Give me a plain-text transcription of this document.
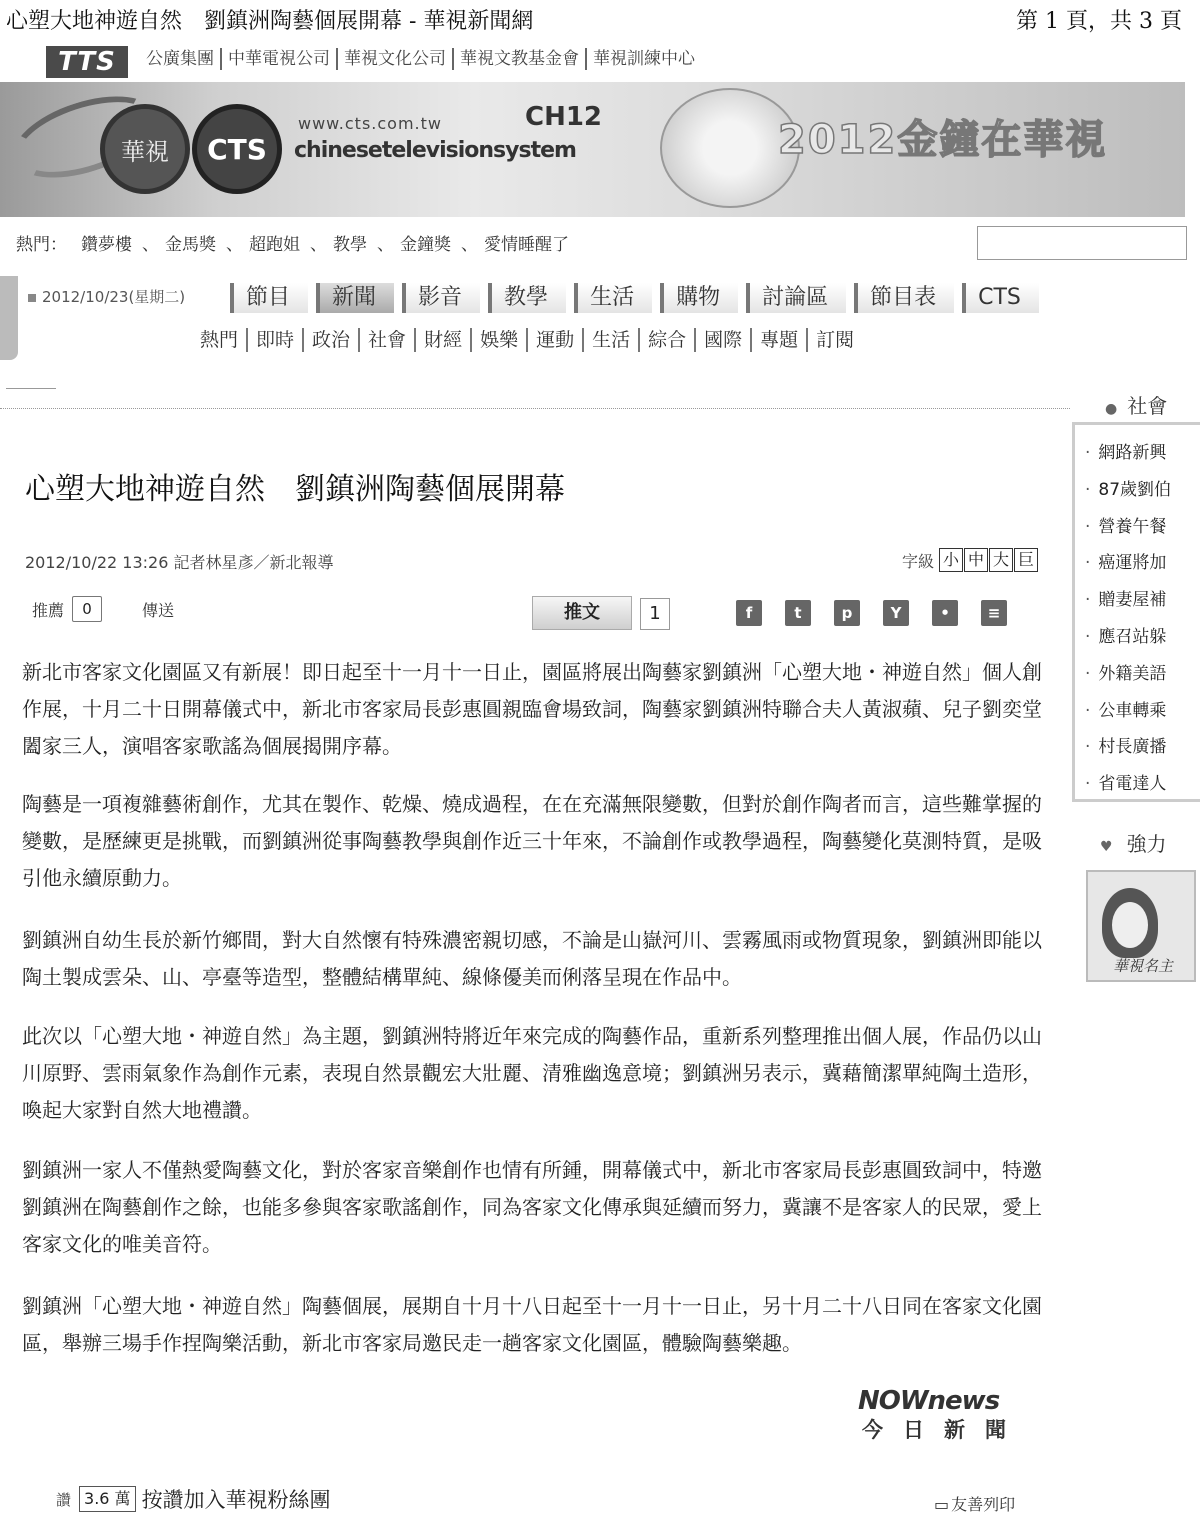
心塑大地神遊自然　劉鎮洲陶藝個展開幕 - 華視新聞網	第 1 頁，共 3 頁
TTS	公廣集團 中華電視公司 華視文化公司 華視文教基金會 華視訓練中心
華視	CTS
www.cts.com.tw
chinesetelevisionsystem
CH12	2012金鐘在華視
熱門： 鑽夢樓 、 金馬獎 、 超跑姐 、 教學 、 金鐘獎 、 愛情睡醒了
2012/10/23(星期二)	節目	新聞	影音	教學	生活	購物	討論區	節目表	CTS
熱門 即時 政治 社會 財經 娛樂 運動 生活 綜合 國際 專題 訂閱
● 社會
· 網路新興
· 87歲劉伯
· 營養午餐
· 癌運將加
· 贈妻屋補
· 應召站躲
· 外籍美語
· 公車轉乘
· 村長廣播
· 省電達人
♥ 強力
華視名主
心塑大地神遊自然　劉鎮洲陶藝個展開幕
2012/10/22 13:26 記者林星彥／新北報導	字級 小 中 大 巨
推薦	0	傳送	推文	1	f	t	p	Y	•	≡

新北市客家文化園區又有新展！即日起至十一月十一日止，園區將展出陶藝家劉鎮洲「心塑大地・神遊自然」個人創作展，十月二十日開幕儀式中，新北市客家局長彭惠圓親臨會場致詞，陶藝家劉鎮洲特聯合夫人黃淑蘋、兒子劉奕堂闔家三人，演唱客家歌謠為個展揭開序幕。

陶藝是一項複雜藝術創作，尤其在製作、乾燥、燒成過程，在在充滿無限變數，但對於創作陶者而言，這些難掌握的變數，是歷練更是挑戰，而劉鎮洲從事陶藝教學與創作近三十年來，不論創作或教學過程，陶藝變化莫測特質，是吸引他永續原動力。

劉鎮洲自幼生長於新竹鄉間，對大自然懷有特殊濃密親切感，不論是山嶽河川、雲霧風雨或物質現象，劉鎮洲即能以陶土製成雲朵、山、亭臺等造型，整體結構單純、線條優美而俐落呈現在作品中。

此次以「心塑大地・神遊自然」為主題，劉鎮洲特將近年來完成的陶藝作品，重新系列整理推出個人展，作品仍以山川原野、雲雨氣象作為創作元素，表現自然景觀宏大壯麗、清雅幽逸意境；劉鎮洲另表示，冀藉簡潔單純陶土造形，喚起大家對自然大地禮讚。

劉鎮洲一家人不僅熱愛陶藝文化，對於客家音樂創作也情有所鍾，開幕儀式中，新北市客家局長彭惠圓致詞中，特邀劉鎮洲在陶藝創作之餘，也能多參與客家歌謠創作，同為客家文化傳承與延續而努力，冀讓不是客家人的民眾，愛上客家文化的唯美音符。

劉鎮洲「心塑大地・神遊自然」陶藝個展，展期自十月十八日起至十一月十一日止，另十月二十八日同在客家文化園區，舉辦三場手作捏陶樂活動，新北市客家局邀民走一趟客家文化園區，體驗陶藝樂趣。

NOWnews
今日新聞
讚 3.6 萬 按讚加入華視粉絲團
▭	友善列印
